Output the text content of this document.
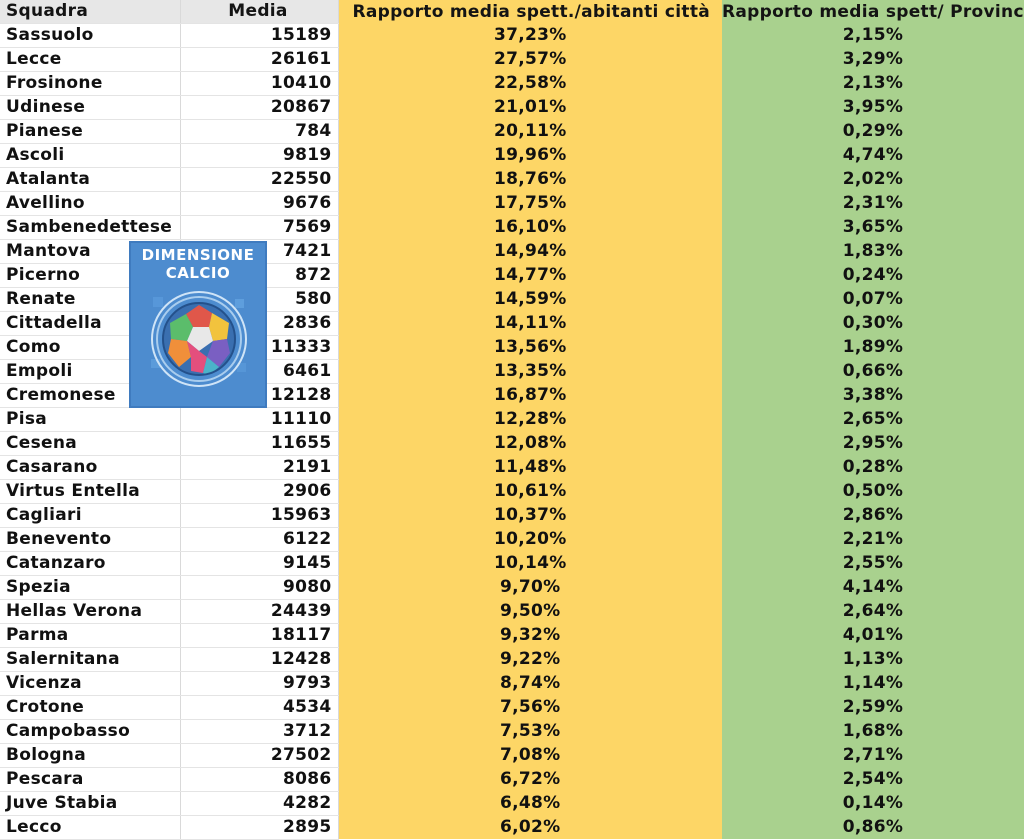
Squadra	Media	Rapporto media spett./abitanti città	Rapporto media spett/ Provinc
Sassuolo	15189	37,23%	2,15%
Lecce	26161	27,57%	3,29%
Frosinone	10410	22,58%	2,13%
Udinese	20867	21,01%	3,95%
Pianese	784	20,11%	0,29%
Ascoli	9819	19,96%	4,74%
Atalanta	22550	18,76%	2,02%
Avellino	9676	17,75%	2,31%
Sambenedettese	7569	16,10%	3,65%
Mantova	7421	14,94%	1,83%
Picerno	872	14,77%	0,24%
Renate	580	14,59%	0,07%
Cittadella	2836	14,11%	0,30%
Como	11333	13,56%	1,89%
Empoli	6461	13,35%	0,66%
Cremonese	12128	16,87%	3,38%
Pisa	11110	12,28%	2,65%
Cesena	11655	12,08%	2,95%
Casarano	2191	11,48%	0,28%
Virtus Entella	2906	10,61%	0,50%
Cagliari	15963	10,37%	2,86%
Benevento	6122	10,20%	2,21%
Catanzaro	9145	10,14%	2,55%
Spezia	9080	9,70%	4,14%
Hellas Verona	24439	9,50%	2,64%
Parma	18117	9,32%	4,01%
Salernitana	12428	9,22%	1,13%
Vicenza	9793	8,74%	1,14%
Crotone	4534	7,56%	2,59%
Campobasso	3712	7,53%	1,68%
Bologna	27502	7,08%	2,71%
Pescara	8086	6,72%	2,54%
Juve Stabia	4282	6,48%	0,14%
Lecco	2895	6,02%	0,86%
DIMENSIONE
CALCIO
